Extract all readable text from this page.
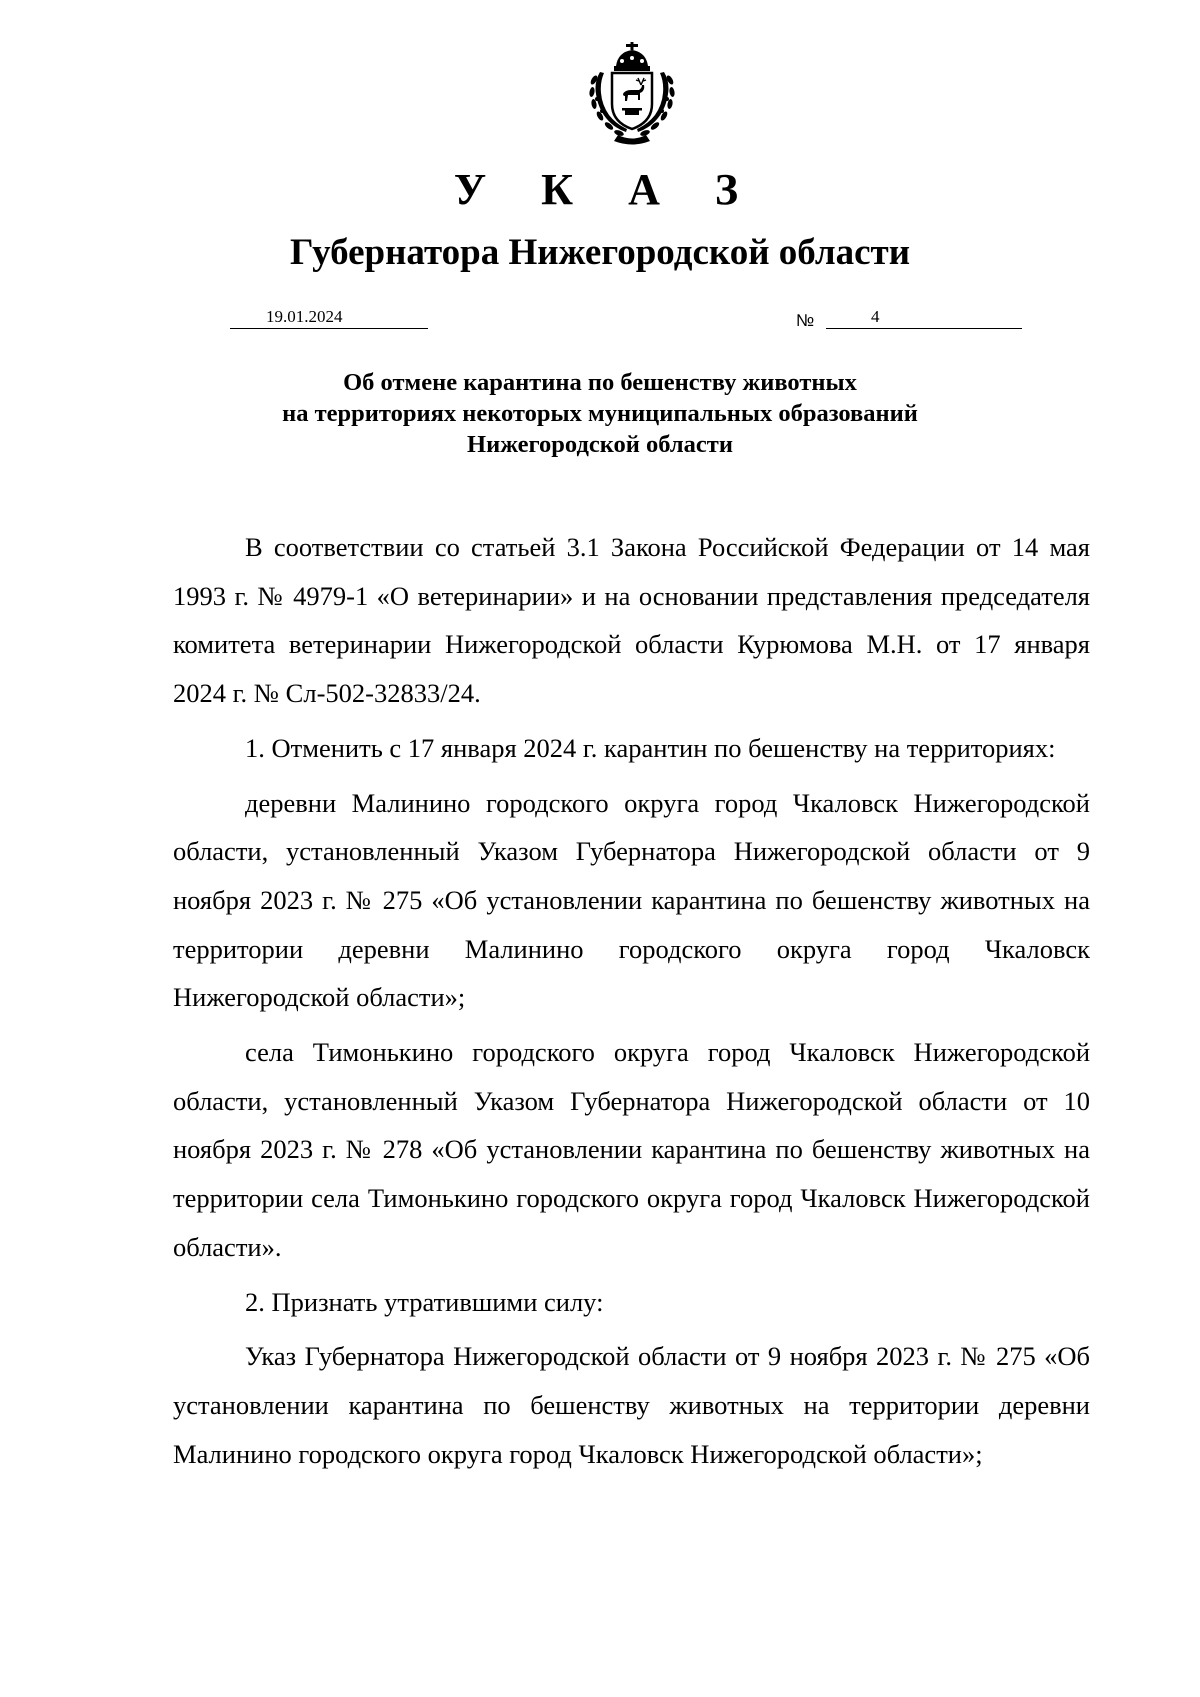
У К А З
Губернатора Нижегородской области
19.01.2024	№	4
Об отмене карантина по бешенству животных
на территориях некоторых муниципальных образований
Нижегородской области

В соответствии со статьей 3.1 Закона Российской Федерации от 14 мая 1993 г. № 4979-1 «О ветеринарии» и на основании представления председателя комитета ветеринарии Нижегородской области Курюмова М.Н. от 17 января 2024 г. № Сл-502-32833/24.

1. Отменить с 17 января 2024 г. карантин по бешенству на территориях:

деревни Малинино городского округа город Чкаловск Нижегородской области, установленный Указом Губернатора Нижегородской области от 9 ноября 2023 г. № 275 «Об установлении карантина по бешенству животных на территории деревни Малинино городского округа город Чкаловск Нижегородской области»;

села Тимонькино городского округа город Чкаловск Нижегородской области, установленный Указом Губернатора Нижегородской области от 10 ноября 2023 г. № 278 «Об установлении карантина по бешенству животных на территории села Тимонькино городского округа город Чкаловск Нижегородской области».

2. Признать утратившими силу:

Указ Губернатора Нижегородской области от 9 ноября 2023 г. № 275 «Об установлении карантина по бешенству животных на территории деревни Малинино городского округа город Чкаловск Нижегородской области»;
